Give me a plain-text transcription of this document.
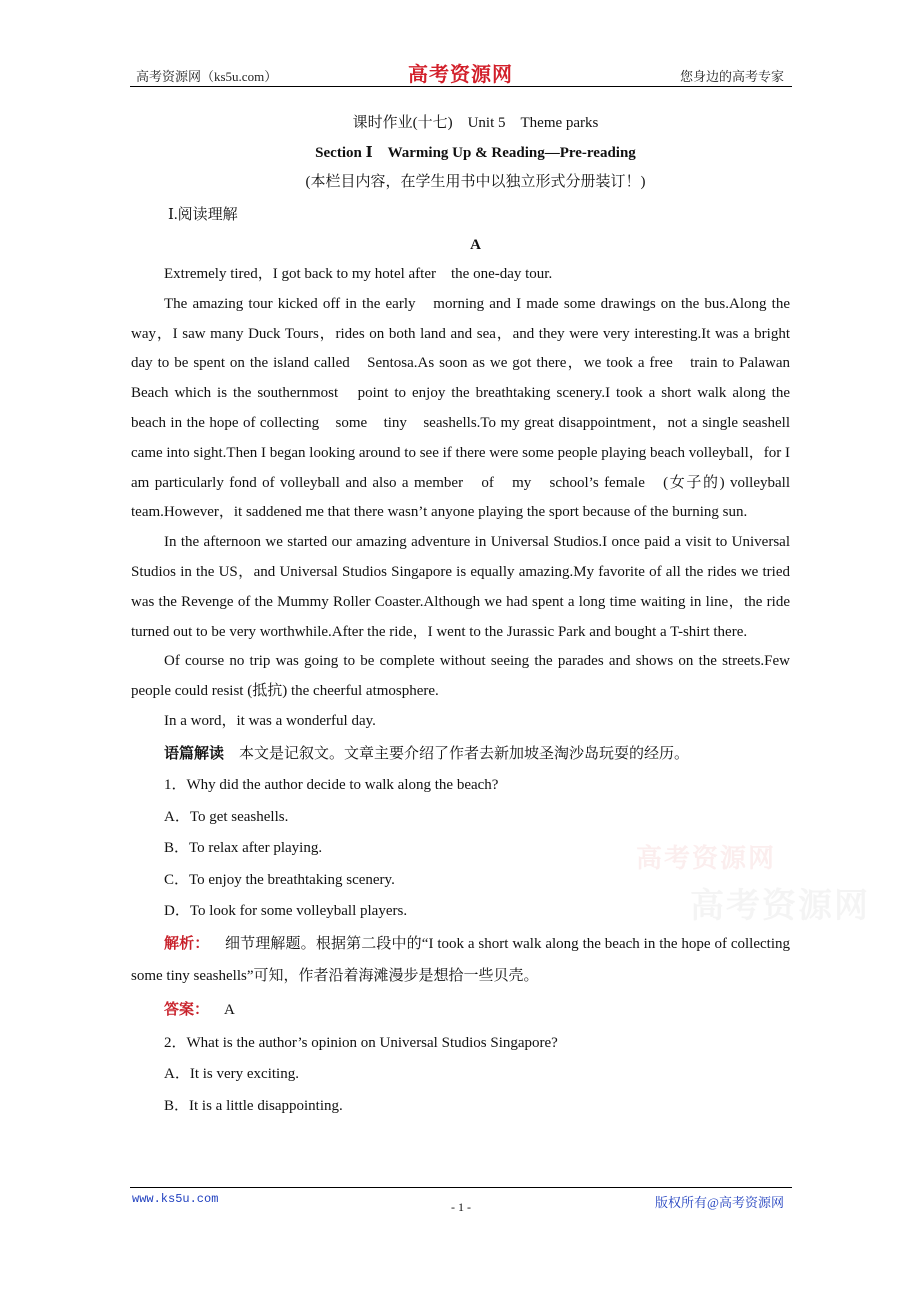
高考资源网（ks5u.com）	高考资源网	您身边的高考专家
高考资源网
高考资源网
课时作业(十七)　Unit 5　Theme parks
Section Ⅰ　Warming Up & Reading—Pre-reading
(本栏目内容，在学生用书中以独立形式分册装订！)
Ⅰ.阅读理解
A

Extremely tired，I got back to my hotel after　the one-day tour.

The amazing tour kicked off in the early　morning and I made some drawings on the bus.Along the way，I saw many Duck Tours，rides on both land and sea，and they were very interesting.It was a bright day to be spent on the island called　Sentosa.As soon as we got there，we took a free　train to Palawan Beach which is the southernmost　point to enjoy the breathtaking scenery.I took a short walk along the beach in the hope of collecting　some　tiny　seashells.To my great disappointment，not a single seashell came into sight.Then I began looking around to see if there were some people playing beach volleyball，for I am particularly fond of volleyball and also a member　of　my　school’s female　(女子的) volleyball team.However，it saddened me that there wasn’t anyone playing the sport because of the burning sun.

In the afternoon we started our amazing adventure in Universal Studios.I once paid a visit to Universal Studios in the US，and Universal Studios Singapore is equally amazing.My favorite of all the rides we tried was the Revenge of the Mummy Roller Coaster.Although we had spent a long time waiting in line，the ride turned out to be very worthwhile.After the ride，I went to the Jurassic Park and bought a T-shirt there.

Of course no trip was going to be complete without seeing the parades and shows on the streets.Few people could resist (抵抗) the cheerful atmosphere.

In a word，it was a wonderful day.

语篇解读 本文是记叙文。文章主要介绍了作者去新加坡圣淘沙岛玩耍的经历。
1．Why did the author decide to walk along the beach?
A．To get seashells.
B．To relax after playing.
C．To enjoy the breathtaking scenery.
D．To look for some volleyball players.

解析： 细节理解题。根据第二段中的“I took a short walk along the beach in the hope of collecting some tiny seashells”可知，作者沿着海滩漫步是想拾一些贝壳。

答案： A
2．What is the author’s opinion on Universal Studios Singapore?
A．It is very exciting.
B．It is a little disappointing.
www.ks5u.com
- 1 -	版权所有@高考资源网
